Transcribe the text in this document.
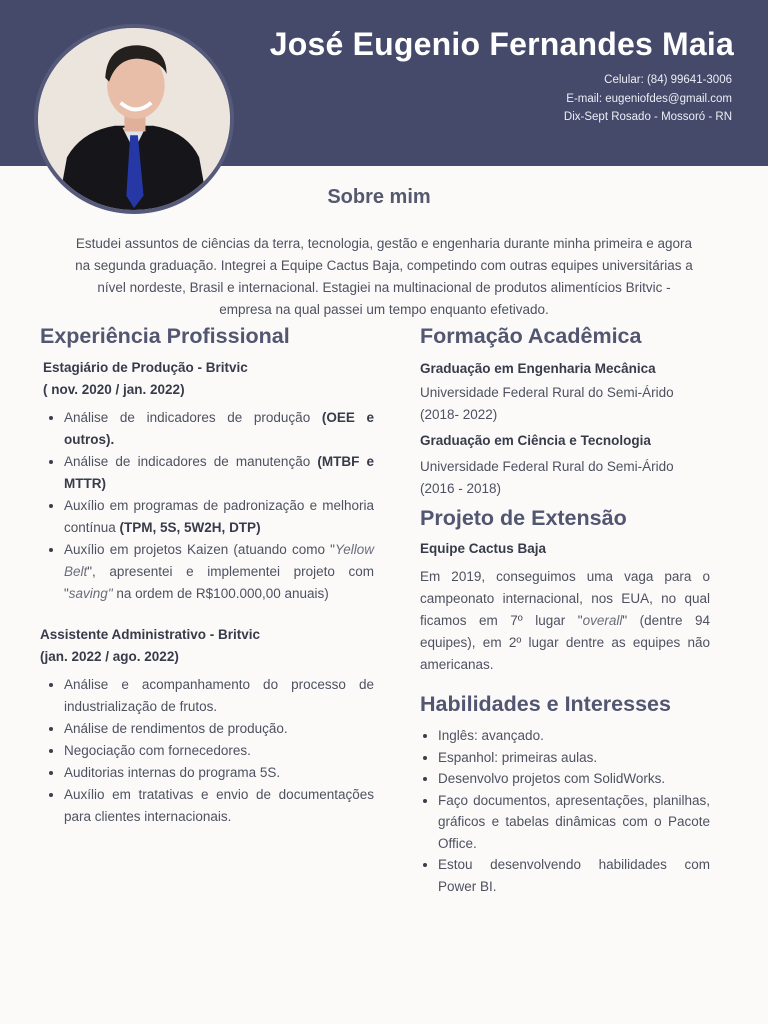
José Eugenio Fernandes Maia
Celular: (84) 99641-3006
E-mail: eugeniofdes@gmail.com
Dix-Sept Rosado - Mossoró - RN
Sobre mim

Estudei assuntos de ciências da terra, tecnologia, gestão e engenharia durante minha primeira e agora na segunda graduação. Integrei a Equipe Cactus Baja, competindo com outras equipes universitárias a nível nordeste, Brasil e internacional. Estagiei na multinacional de produtos alimentícios Britvic - empresa na qual passei um tempo enquanto efetivado.

Experiência Profissional
Estagiário de Produção - Britvic
( nov. 2020 / jan. 2022)
• Análise de indicadores de produção (OEE e outros).
• Análise de indicadores de manutenção (MTBF e MTTR)
• Auxílio em programas de padronização e melhoria contínua (TPM, 5S, 5W2H, DTP)
• Auxílio em projetos Kaizen (atuando como "Yellow Belt", apresentei e implementei projeto com "saving" na ordem de R$100.000,00 anuais)
Assistente Administrativo - Britvic
(jan. 2022 / ago. 2022)
• Análise e acompanhamento do processo de industrialização de frutos.
• Análise de rendimentos de produção.
• Negociação com fornecedores.
• Auditorias internas do programa 5S.
• Auxílio em tratativas e envio de documentações para clientes internacionais.
Formação Acadêmica
Graduação em Engenharia Mecânica
Universidade Federal Rural do Semi-Árido
(2018- 2022)
Graduação em Ciência e Tecnologia
Universidade Federal Rural do Semi-Árido
(2016 - 2018)
Projeto de Extensão
Equipe Cactus Baja
Em 2019, conseguimos uma vaga para o campeonato internacional, nos EUA, no qual ficamos em 7º lugar "overall" (dentre 94 equipes), em 2º lugar dentre as equipes não americanas.
Habilidades e Interesses
• Inglês: avançado.
• Espanhol: primeiras aulas.
• Desenvolvo projetos com SolidWorks.
• Faço documentos, apresentações, planilhas, gráficos e tabelas dinâmicas com o Pacote Office.
• Estou desenvolvendo habilidades com Power BI.
